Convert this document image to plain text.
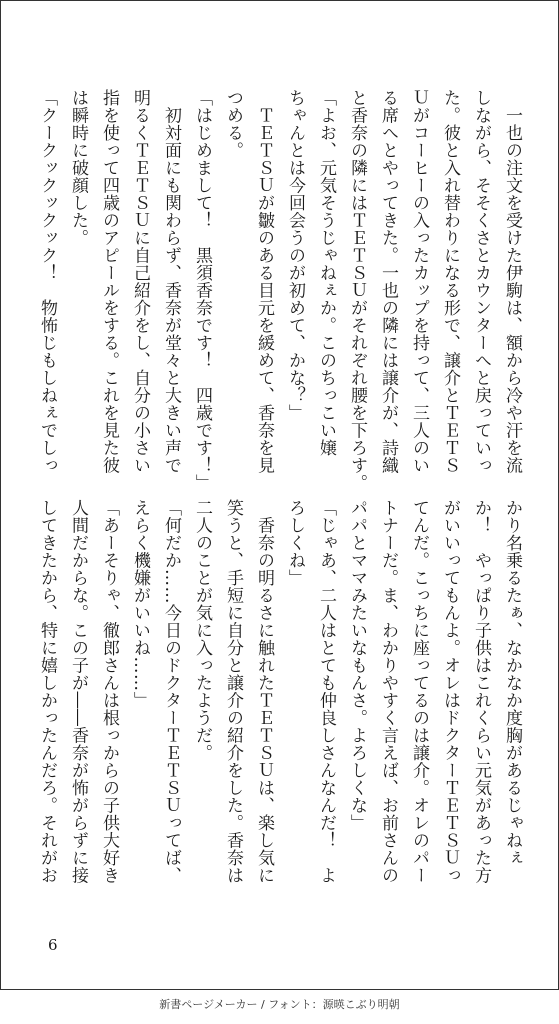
　一也の注文を受けた伊駒は、額から冷や汗を流
しながら、そそくさとカウンターへと戻っていっ
た。彼と入れ替わりになる形で、譲介とＴＥＴＳ
Ｕがコーヒーの入ったカップを持って、三人のい
る席へとやってきた。一也の隣には譲介が、詩織
と香奈の隣にはＴＥＴＳＵがそれぞれ腰を下ろす。
「よお、元気そうじゃねぇか。このちっこい嬢
ちゃんとは今回会うのが初めて、かな？」
　ＴＥＴＳＵが皺のある目元を緩めて、香奈を見
つめる。
「はじめまして！　黒須香奈です！　四歳です！」
　初対面にも関わらず、香奈が堂々と大きい声で
明るくＴＥＴＳＵに自己紹介をし、自分の小さい
指を使って四歳のアピールをする。これを見た彼
は瞬時に破顔した。
「クークックックック！　物怖じもしねぇでしっ
かり名乗るたぁ、なかなか度胸があるじゃねぇ
か！　やっぱり子供はこれくらい元気があった方
がいいってもんよ。オレはドクターＴＥＴＳＵっ
てんだ。こっちに座ってるのは譲介。オレのパー
トナーだ。ま、わかりやすく言えば、お前さんの
パパとママみたいなもんさ。よろしくな」
「じゃあ、二人はとても仲良しさんなんだ！　よ
ろしくね」
　香奈の明るさに触れたＴＥＴＳＵは、楽し気に
笑うと、手短に自分と譲介の紹介をした。香奈は
二人のことが気に入ったようだ。
「何だか……今日のドクターＴＥＴＳＵってば、
えらく機嫌がいいね……」
「あーそりゃ、徹郎さんは根っからの子供大好き
人間だからな。この子が――香奈が怖がらずに接
してきたから、特に嬉しかったんだろ。それがお
6
新書ページメーカー / フォント：源暎こぶり明朝
